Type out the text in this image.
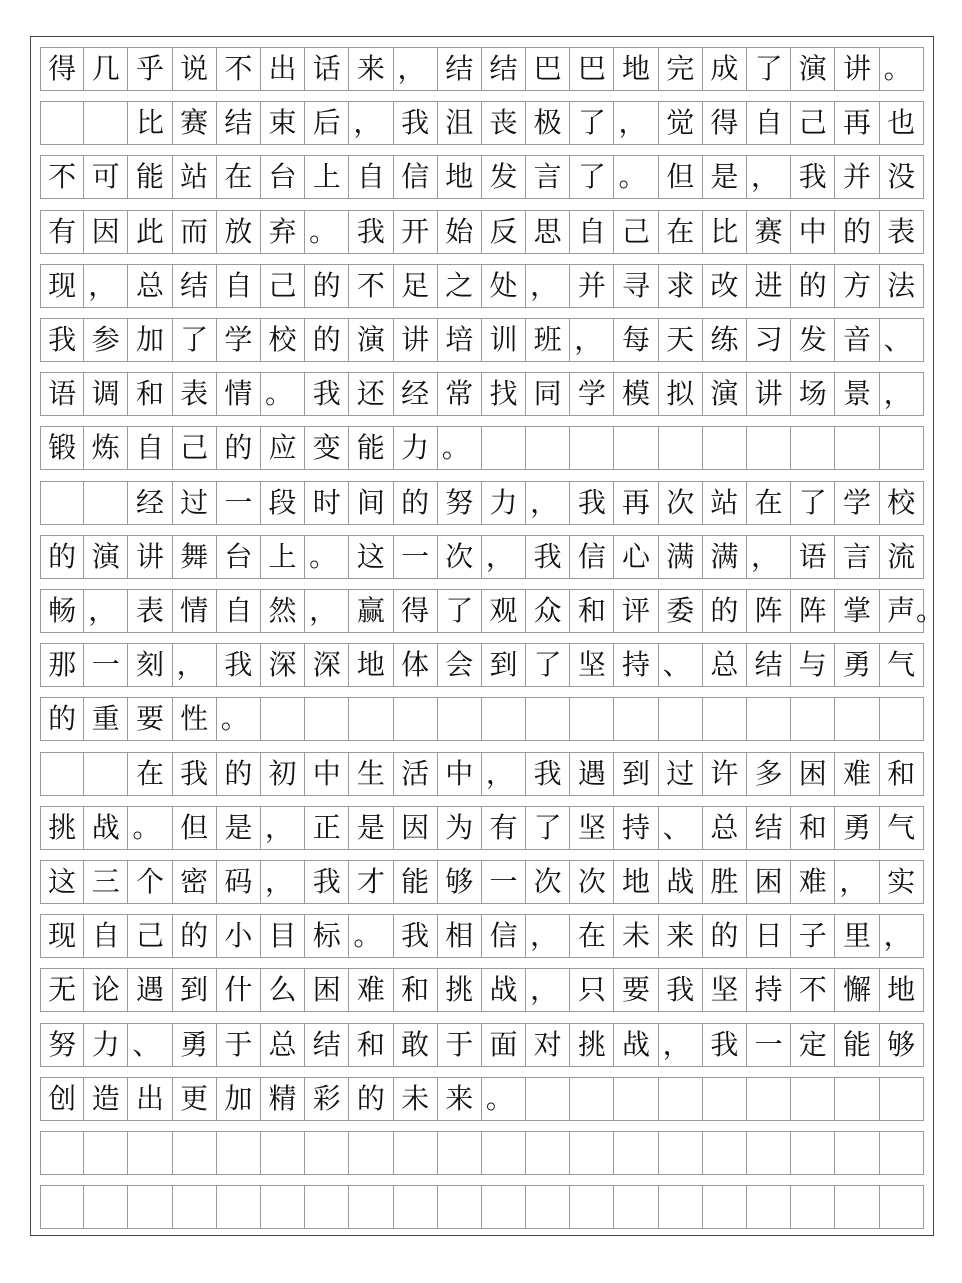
得 几 乎 说 不 出 话 来 ， 结 结 巴 巴 地 完 成 了 演 讲 。
比 赛 结 束 后 ， 我 沮 丧 极 了 ， 觉 得 自 己 再 也
不 可 能 站 在 台 上 自 信 地 发 言 了 。 但 是 ， 我 并 没
有 因 此 而 放 弃 。 我 开 始 反 思 自 己 在 比 赛 中 的 表
现 ， 总 结 自 己 的 不 足 之 处 ， 并 寻 求 改 进 的 方 法
我 参 加 了 学 校 的 演 讲 培 训 班 ， 每 天 练 习 发 音 、
语 调 和 表 情 。 我 还 经 常 找 同 学 模 拟 演 讲 场 景 ，
锻 炼 自 己 的 应 变 能 力 。
经 过 一 段 时 间 的 努 力 ， 我 再 次 站 在 了 学 校
的 演 讲 舞 台 上 。 这 一 次 ， 我 信 心 满 满 ， 语 言 流
畅 ， 表 情 自 然 ， 赢 得 了 观 众 和 评 委 的 阵 阵 掌 声 。
那 一 刻 ， 我 深 深 地 体 会 到 了 坚 持 、 总 结 与 勇 气
的 重 要 性 。
在 我 的 初 中 生 活 中 ， 我 遇 到 过 许 多 困 难 和
挑 战 。 但 是 ， 正 是 因 为 有 了 坚 持 、 总 结 和 勇 气
这 三 个 密 码 ， 我 才 能 够 一 次 次 地 战 胜 困 难 ， 实
现 自 己 的 小 目 标 。 我 相 信 ， 在 未 来 的 日 子 里 ，
无 论 遇 到 什 么 困 难 和 挑 战 ， 只 要 我 坚 持 不 懈 地
努 力 、 勇 于 总 结 和 敢 于 面 对 挑 战 ， 我 一 定 能 够
创 造 出 更 加 精 彩 的 未 来 。
